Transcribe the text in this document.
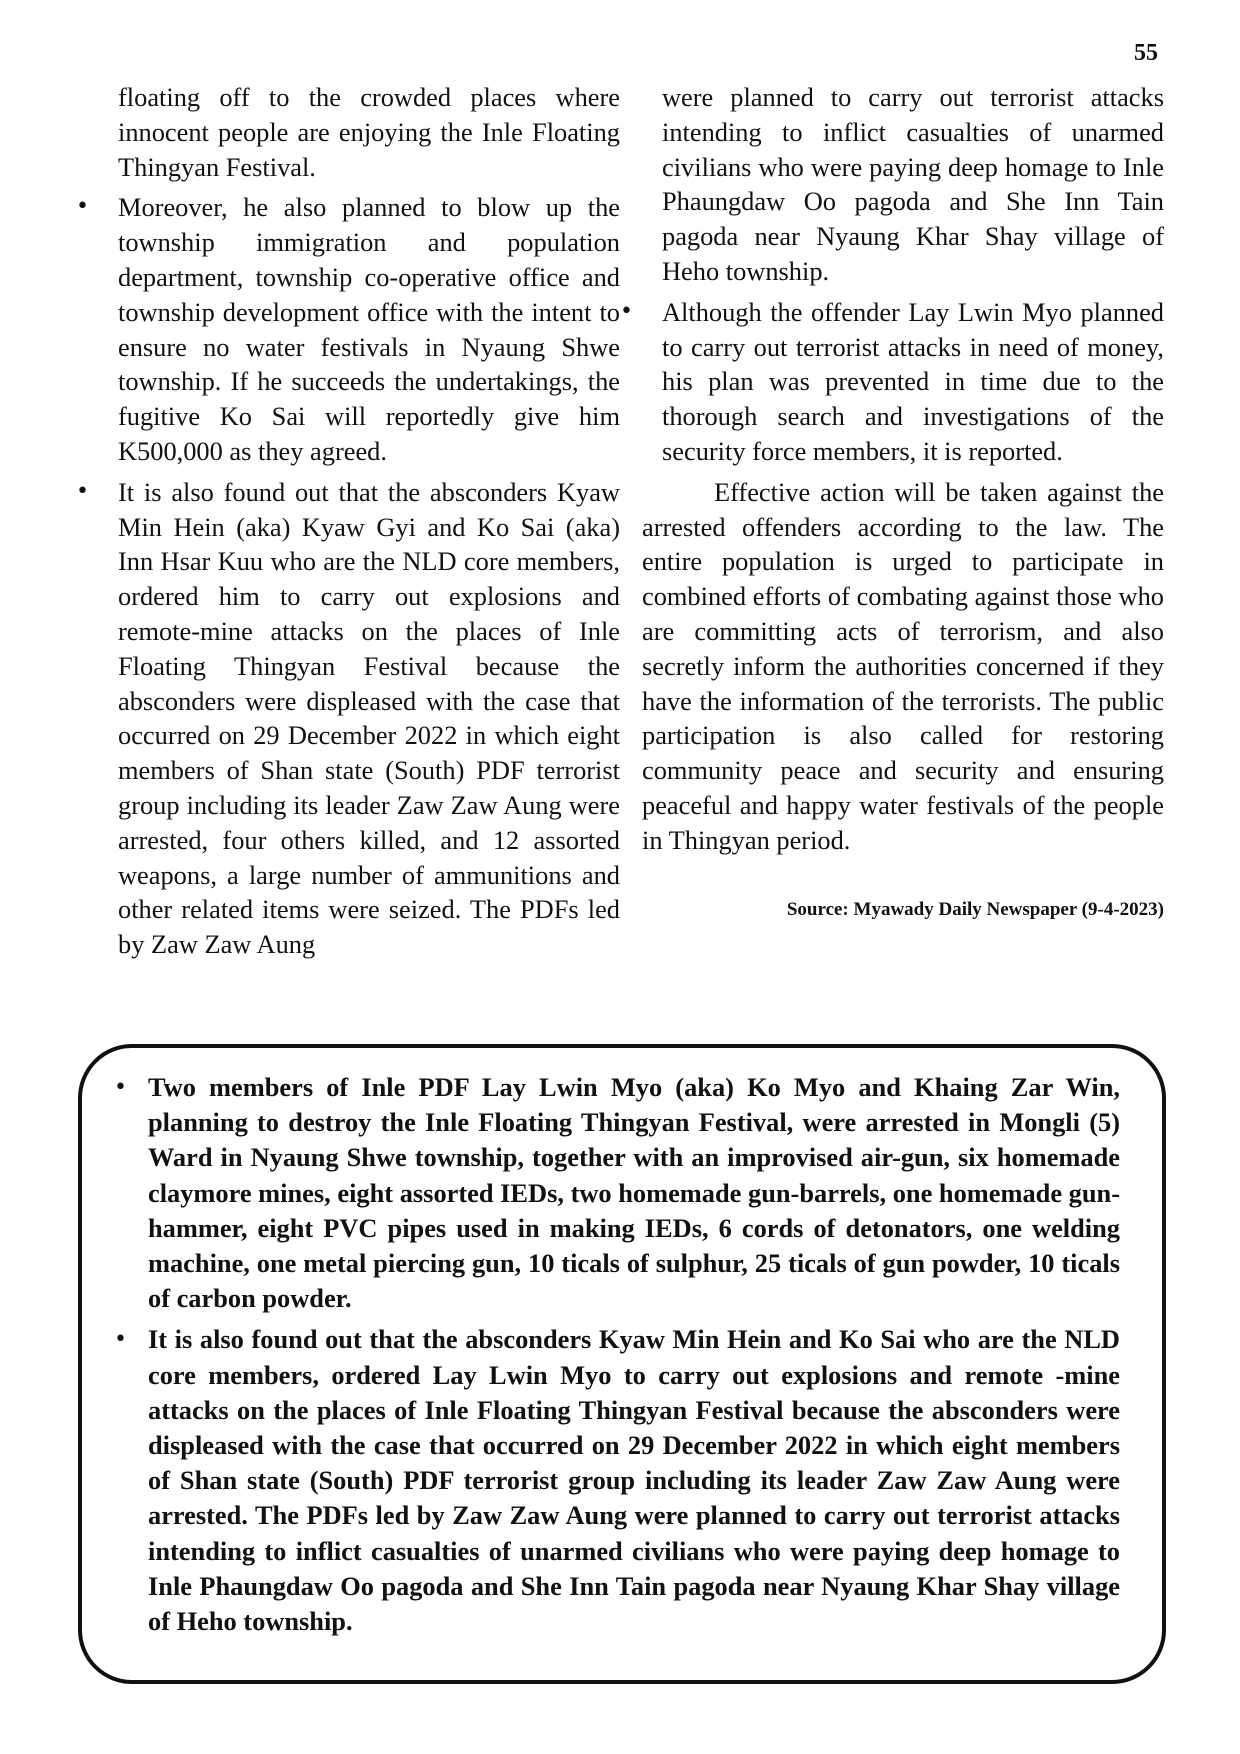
55

floating off to the crowded places where innocent people are enjoying the Inle Floating Thingyan Festival.

• Moreover, he also planned to blow up the township immigration and population department, township co-operative office and township development office with the intent to ensure no water festivals in Nyaung Shwe township. If he succeeds the undertakings, the fugitive Ko Sai will reportedly give him K500,000 as they agreed.
• It is also found out that the absconders Kyaw Min Hein (aka) Kyaw Gyi and Ko Sai (aka) Inn Hsar Kuu who are the NLD core members, ordered him to carry out explosions and remote-mine attacks on the places of Inle Floating Thingyan Festival because the absconders were displeased with the case that occurred on 29 December 2022 in which eight members of Shan state (South) PDF terrorist group including its leader Zaw Zaw Aung were arrested, four others killed, and 12 assorted weapons, a large number of ammunitions and other related items were seized. The PDFs led by Zaw Zaw Aung

were planned to carry out terrorist attacks intending to inflict casualties of unarmed civilians who were paying deep homage to Inle Phaungdaw Oo pagoda and She Inn Tain pagoda near Nyaung Khar Shay village of Heho township.

• Although the offender Lay Lwin Myo planned to carry out terrorist attacks in need of money, his plan was prevented in time due to the thorough search and investigations of the security force members, it is reported.

Effective action will be taken against the arrested offenders according to the law. The entire population is urged to participate in combined efforts of combating against those who are committing acts of terrorism, and also secretly inform the authorities concerned if they have the information of the terrorists. The public participation is also called for restoring community peace and security and ensuring peaceful and happy water festivals of the people in Thingyan period.

Source: Myawady Daily Newspaper (9-4-2023)

• Two members of Inle PDF Lay Lwin Myo (aka) Ko Myo and Khaing Zar Win, planning to destroy the Inle Floating Thingyan Festival, were arrested in Mongli (5) Ward in Nyaung Shwe township, together with an improvised air-gun, six homemade claymore mines, eight assorted IEDs, two homemade gun-barrels, one homemade gun-hammer, eight PVC pipes used in making IEDs, 6 cords of detonators, one welding machine, one metal piercing gun, 10 ticals of sulphur, 25 ticals of gun powder, 10 ticals of carbon powder.
• It is also found out that the absconders Kyaw Min Hein and Ko Sai who are the NLD core members, ordered Lay Lwin Myo to carry out explosions and remote -mine attacks on the places of Inle Floating Thingyan Festival because the absconders were displeased with the case that occurred on 29 December 2022 in which eight members of Shan state (South) PDF terrorist group including its leader Zaw Zaw Aung were arrested. The PDFs led by Zaw Zaw Aung were planned to carry out terrorist attacks intending to inflict casualties of unarmed civilians who were paying deep homage to Inle Phaungdaw Oo pagoda and She Inn Tain pagoda near Nyaung Khar Shay village of Heho township.
